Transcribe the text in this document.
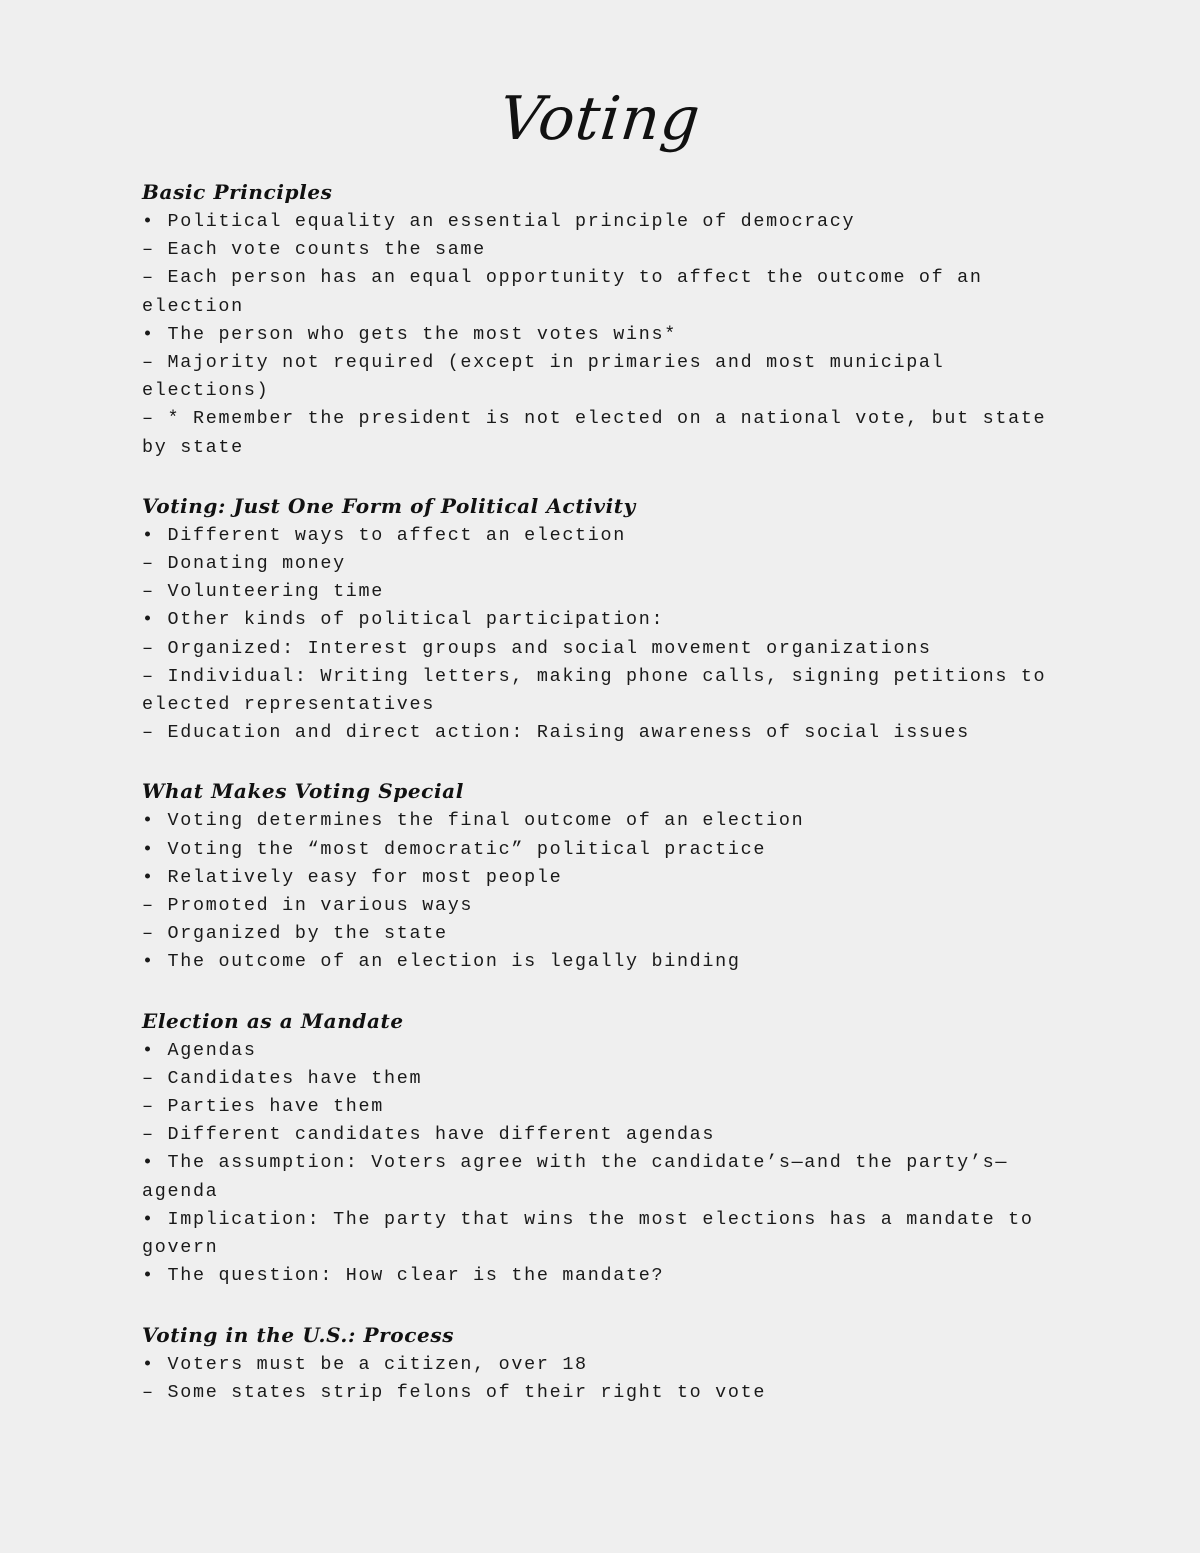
Voting
Basic Principles
• Political equality an essential principle of democracy
– Each vote counts the same
– Each person has an equal opportunity to affect the outcome of an election
• The person who gets the most votes wins*
– Majority not required (except in primaries and most municipal elections)
– * Remember the president is not elected on a national vote, but state by state
Voting: Just One Form of Political Activity
• Different ways to affect an election
– Donating money
– Volunteering time
• Other kinds of political participation:
– Organized: Interest groups and social movement organizations
– Individual: Writing letters, making phone calls, signing petitions to elected representatives
– Education and direct action: Raising awareness of social issues
What Makes Voting Special
• Voting determines the final outcome of an election
• Voting the “most democratic” political practice
• Relatively easy for most people
– Promoted in various ways
– Organized by the state
• The outcome of an election is legally binding
Election as a Mandate
• Agendas
– Candidates have them
– Parties have them
– Different candidates have different agendas
• The assumption: Voters agree with the candidate’s—and the party’s—agenda
• Implication: The party that wins the most elections has a mandate to govern
• The question: How clear is the mandate?
Voting in the U.S.: Process
• Voters must be a citizen, over 18
– Some states strip felons of their right to vote
